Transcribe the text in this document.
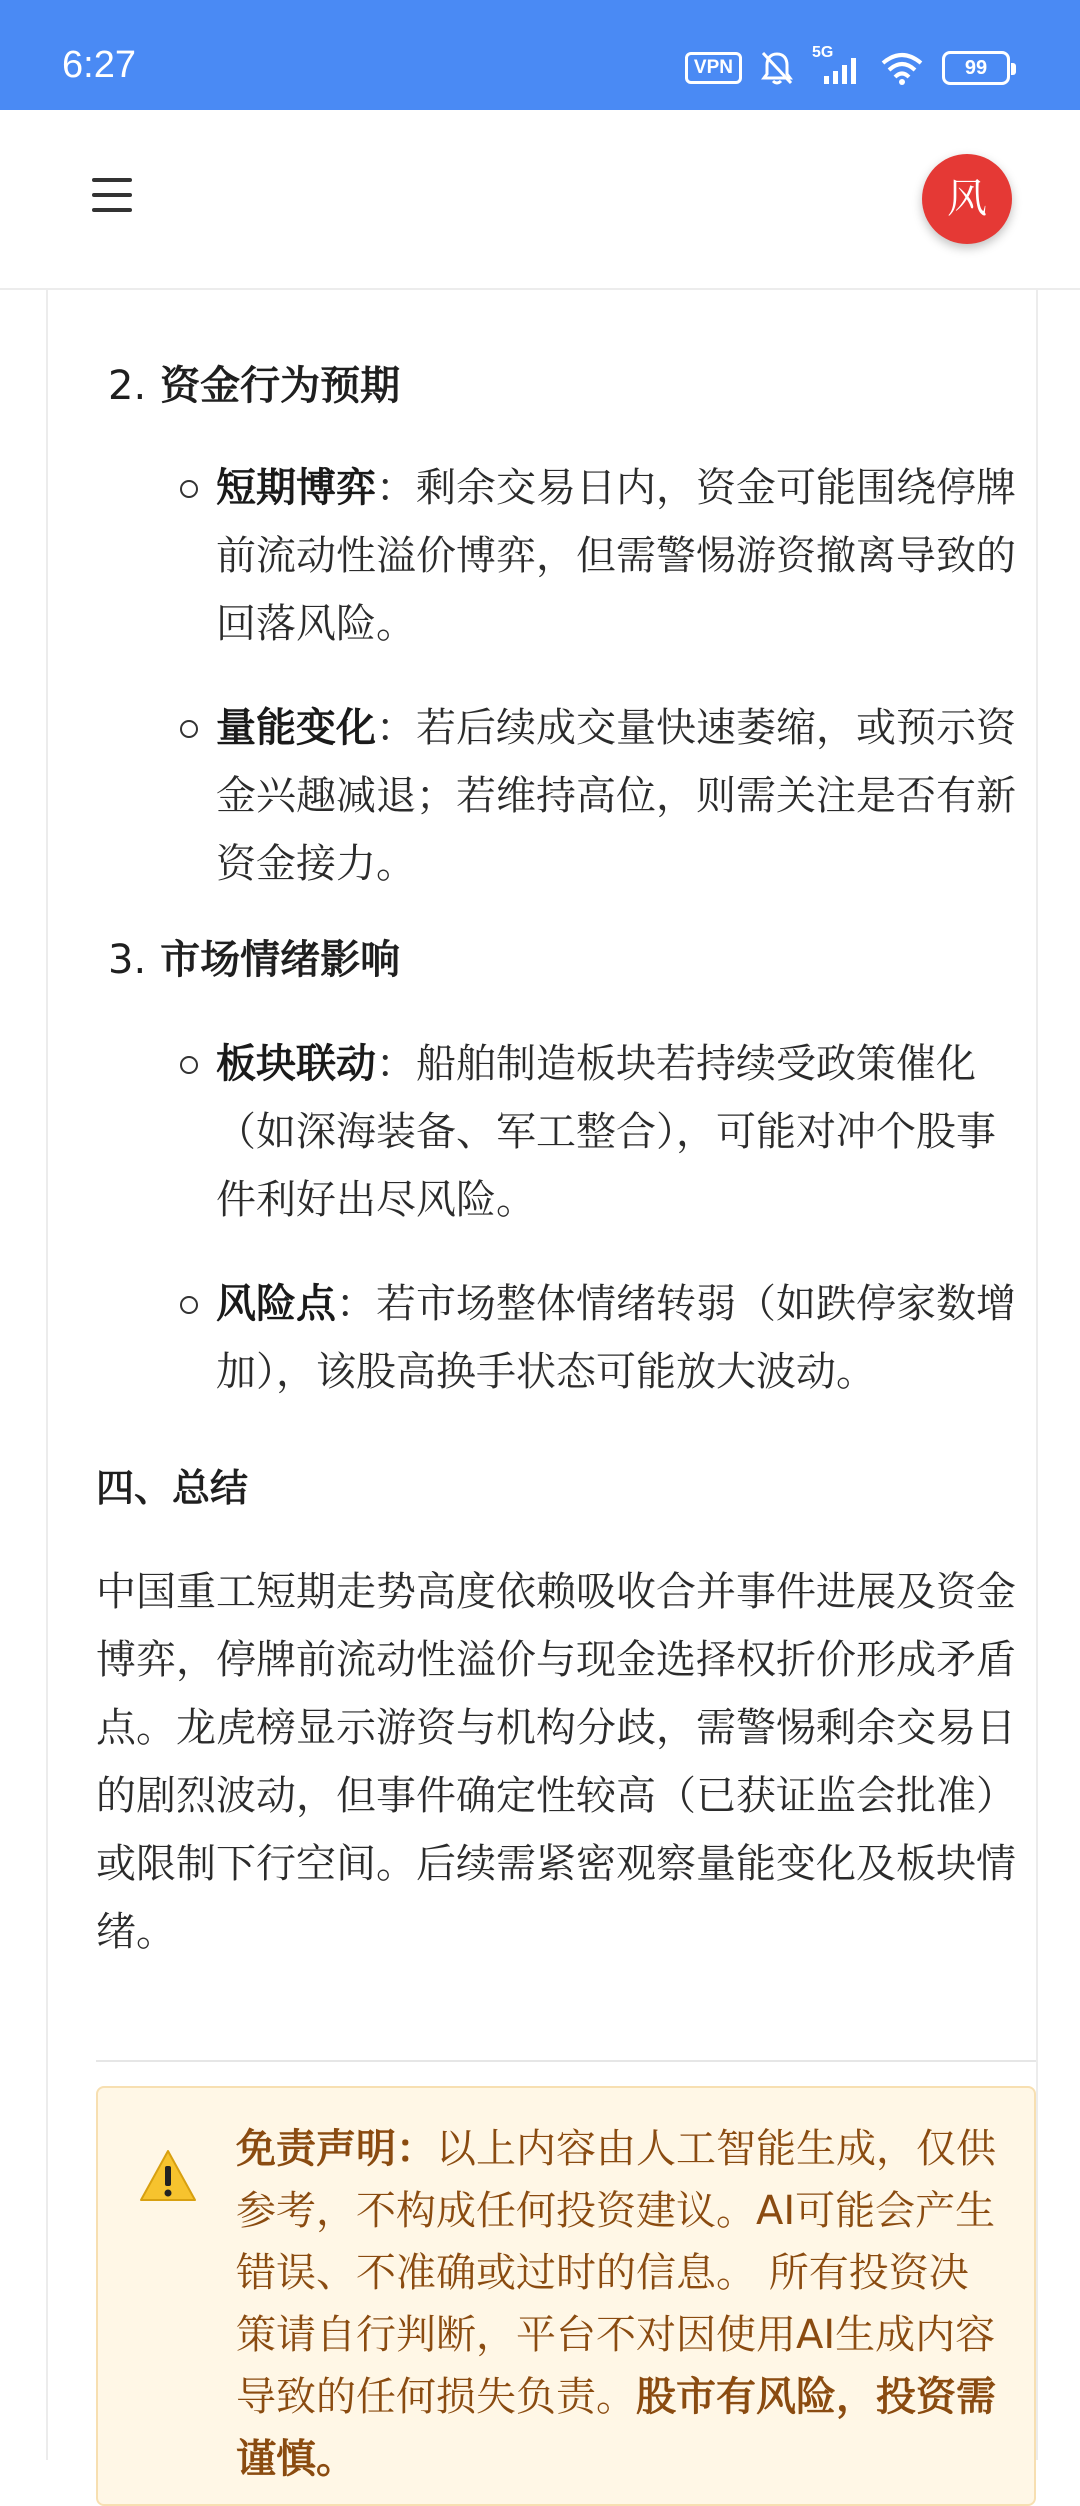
6:27	VPN
5G
99
风
2. 资金行为预期
短期博弈：剩余交易日内，资金可能围绕停牌前流动性溢价博弈，但需警惕游资撤离导致的回落风险。
量能变化：若后续成交量快速萎缩，或预示资金兴趣减退；若维持高位，则需关注是否有新资金接力。
3. 市场情绪影响
板块联动：船舶制造板块若持续受政策催化（如深海装备、军工整合），可能对冲个股事件利好出尽风险。
风险点：若市场整体情绪转弱（如跌停家数增加），该股高换手状态可能放大波动。
四、总结
中国重工短期走势高度依赖吸收合并事件进展及资金博弈，停牌前流动性溢价与现金选择权折价形成矛盾点。龙虎榜显示游资与机构分歧，需警惕剩余交易日的剧烈波动，但事件确定性较高（已获证监会批准）或限制下行空间。后续需紧密观察量能变化及板块情绪。
免责声明：以上内容由人工智能生成，仅供参考，不构成任何投资建议。AI可能会产生错误、不准确或过时的信息。 所有投资决策请自行判断，平台不对因使用AI生成内容导致的任何损失负责。股市有风险，投资需谨慎。
